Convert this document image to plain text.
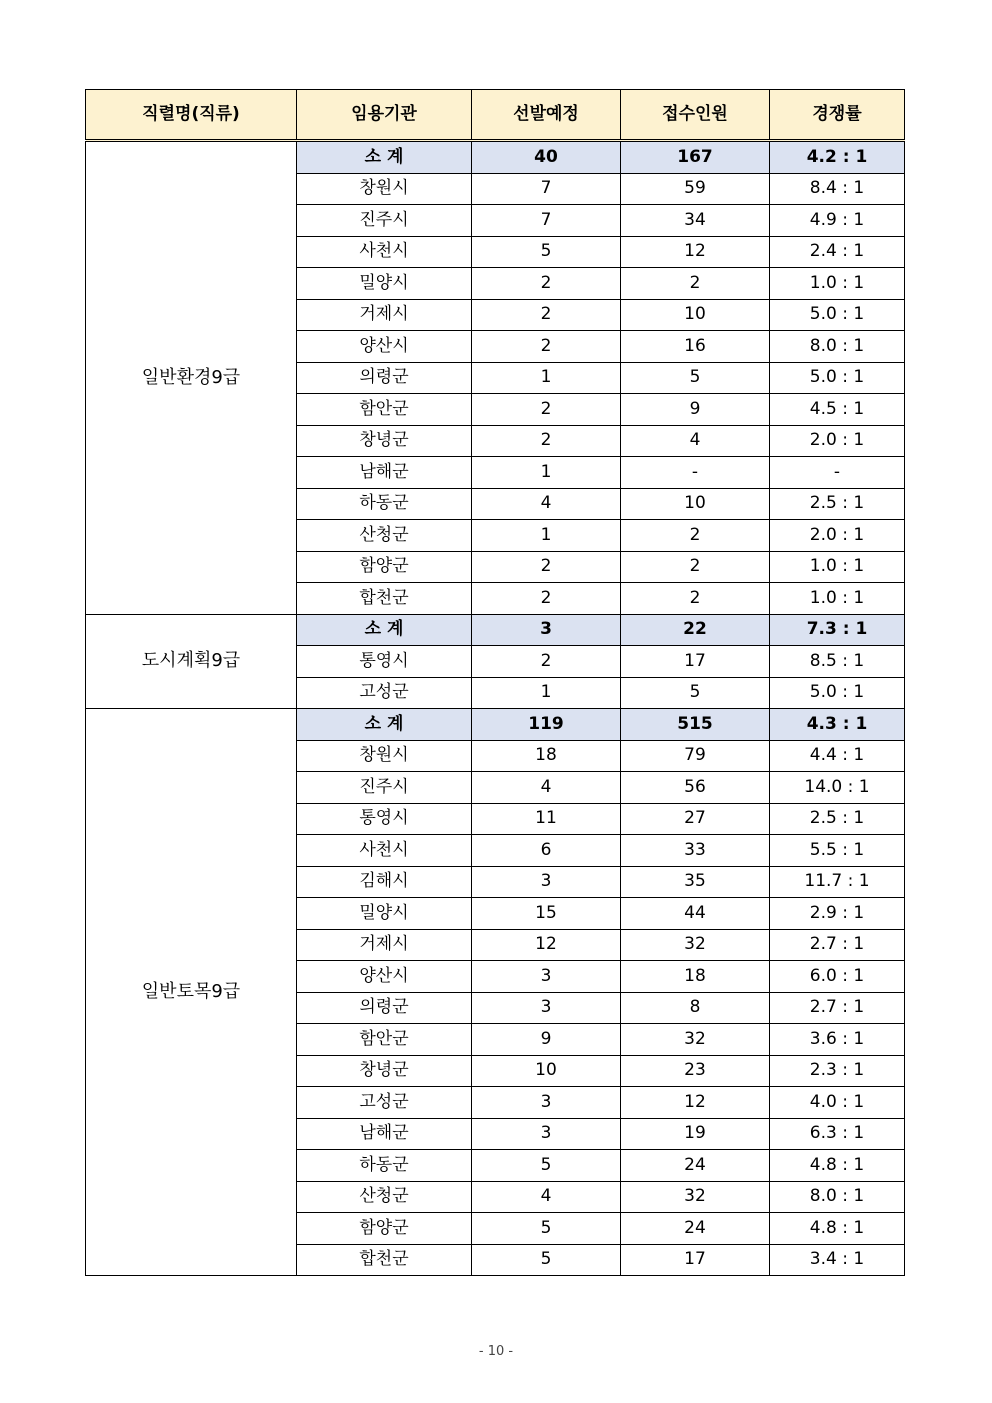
직렬명(직류)	임용기관	선발예정	접수인원	경쟁률
일반환경9급	소 계	40	167	4.2 : 1
	창원시	7	59	8.4 : 1
	진주시	7	34	4.9 : 1
	사천시	5	12	2.4 : 1
	밀양시	2	2	1.0 : 1
	거제시	2	10	5.0 : 1
	양산시	2	16	8.0 : 1
	의령군	1	5	5.0 : 1
	함안군	2	9	4.5 : 1
	창녕군	2	4	2.0 : 1
	남해군	1	-	-
	하동군	4	10	2.5 : 1
	산청군	1	2	2.0 : 1
	함양군	2	2	1.0 : 1
	합천군	2	2	1.0 : 1
도시계획9급	소 계	3	22	7.3 : 1
	통영시	2	17	8.5 : 1
	고성군	1	5	5.0 : 1
일반토목9급	소 계	119	515	4.3 : 1
	창원시	18	79	4.4 : 1
	진주시	4	56	14.0 : 1
	통영시	11	27	2.5 : 1
	사천시	6	33	5.5 : 1
	김해시	3	35	11.7 : 1
	밀양시	15	44	2.9 : 1
	거제시	12	32	2.7 : 1
	양산시	3	18	6.0 : 1
	의령군	3	8	2.7 : 1
	함안군	9	32	3.6 : 1
	창녕군	10	23	2.3 : 1
	고성군	3	12	4.0 : 1
	남해군	3	19	6.3 : 1
	하동군	5	24	4.8 : 1
	산청군	4	32	8.0 : 1
	함양군	5	24	4.8 : 1
	합천군	5	17	3.4 : 1
- 10 -
